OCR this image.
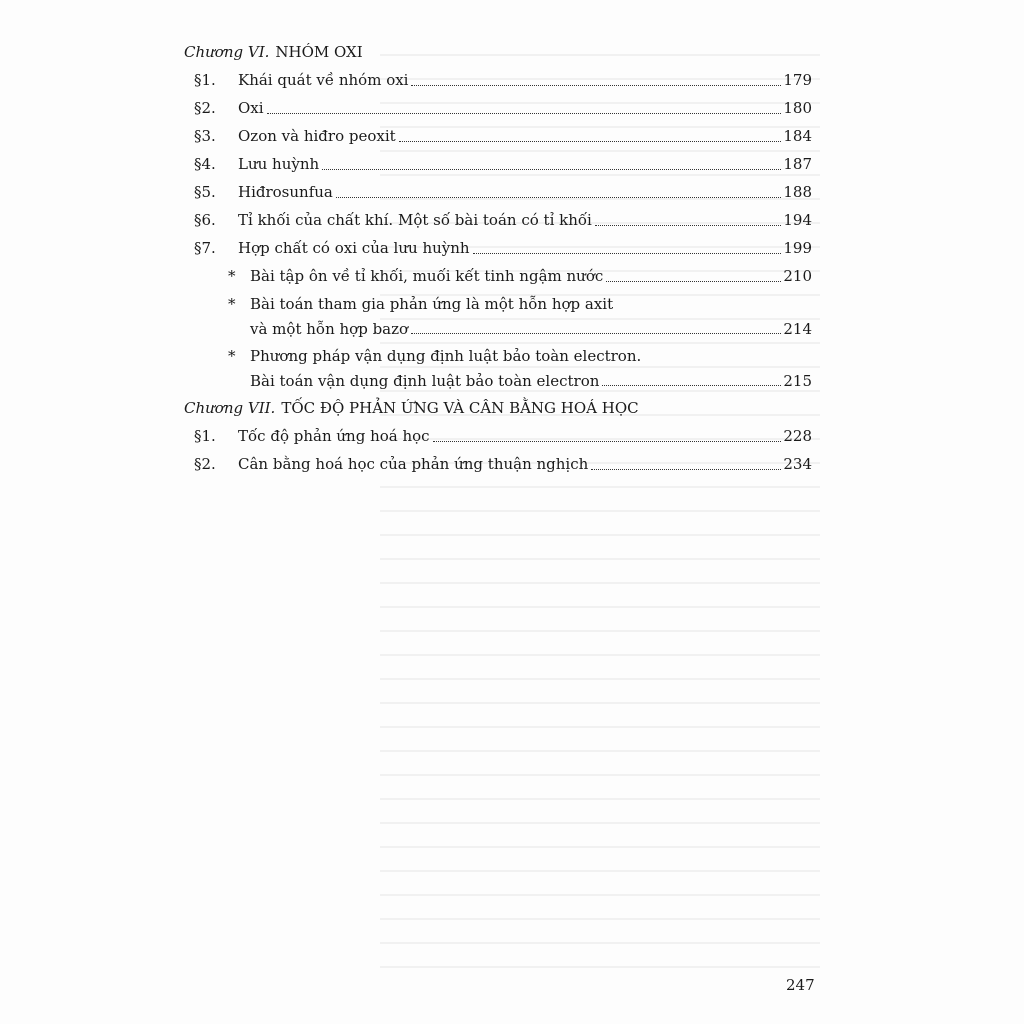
Chương VI. NHÓM OXI
§1.	Khái quát về nhóm oxi	179
§2.	Oxi	180
§3.	Ozon và hiđro peoxit	184
§4.	Lưu huỳnh	187
§5.	Hiđrosunfua	188
§6.	Tỉ khối của chất khí. Một số bài toán có tỉ khối	194
§7.	Hợp chất có oxi của lưu huỳnh	199
* Bài tập ôn về tỉ khối, muối kết tinh ngậm nước	210
* Bài toán tham gia phản ứng là một hỗn hợp axit
và một hỗn hợp bazơ	214
* Phương pháp vận dụng định luật bảo toàn electron.
Bài toán vận dụng định luật bảo toàn electron	215
Chương VII. TỐC ĐỘ PHẢN ỨNG VÀ CÂN BẰNG HOÁ HỌC
§1.	Tốc độ phản ứng hoá học	228
§2.	Cân bằng hoá học của phản ứng thuận nghịch	234
247
